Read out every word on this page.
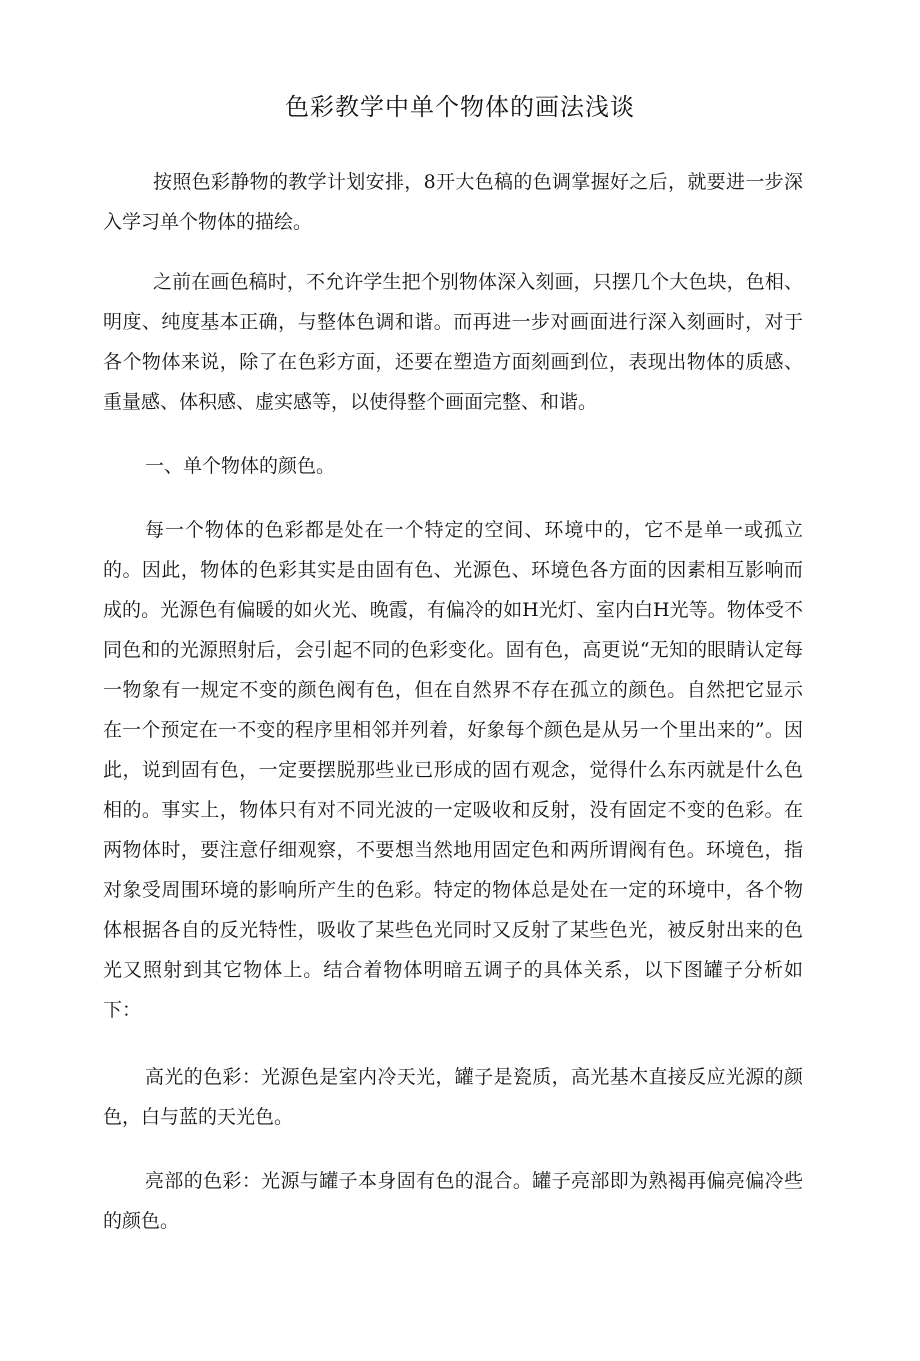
色彩教学中单个物体的画法浅谈

按照色彩静物的教学计划安排，8开大色稿的色调掌握好之后，就要进一步深入学习单个物体的描绘。

之前在画色稿时，不允许学生把个别物体深入刻画，只摆几个大色块，色相、明度、纯度基本正确，与整体色调和谐。而再进一步对画面进行深入刻画时，对于各个物体来说，除了在色彩方面，还要在塑造方面刻画到位，表现出物体的质感、重量感、体积感、虚实感等，以使得整个画面完整、和谐。

一、单个物体的颜色。

每一个物体的色彩都是处在一个特定的空间、环境中的，它不是单一或孤立的。因此，物体的色彩其实是由固有色、光源色、环境色各方面的因素相互影响而成的。光源色有偏暖的如火光、晚霞，有偏冷的如H光灯、室内白H光等。物体受不同色和的光源照射后，会引起不同的色彩变化。固有色，高更说“无知的眼睛认定每一物象有一规定不变的颜色阀有色，但在自然界不存在孤立的颜色。自然把它显示在一个预定在一不变的程序里相邻并列着，好象每个颜色是从另一个里出来的”。因此，说到固有色，一定要摆脱那些业已形成的固冇观念，觉得什么东丙就是什么色相的。事实上，物体只有对不同光波的一定吸收和反射，没有固定不变的色彩。在两物体时，要注意仔细观察，不要想当然地用固定色和两所谓阀有色。环境色，指对象受周围环境的影响所产生的色彩。特定的物体总是处在一定的环境中，各个物体根据各自的反光特性，吸收了某些色光同时又反射了某些色光，被反射出来的色光又照射到其它物体上。结合着物体明暗五调子的具体关系，以下图罐子分析如下：

高光的色彩：光源色是室内冷天光，罐子是瓷质，高光基木直接反应光源的颜色，白与蓝的天光色。

亮部的色彩：光源与罐子本身固有色的混合。罐子亮部即为熟褐再偏亮偏冷些的颜色。
